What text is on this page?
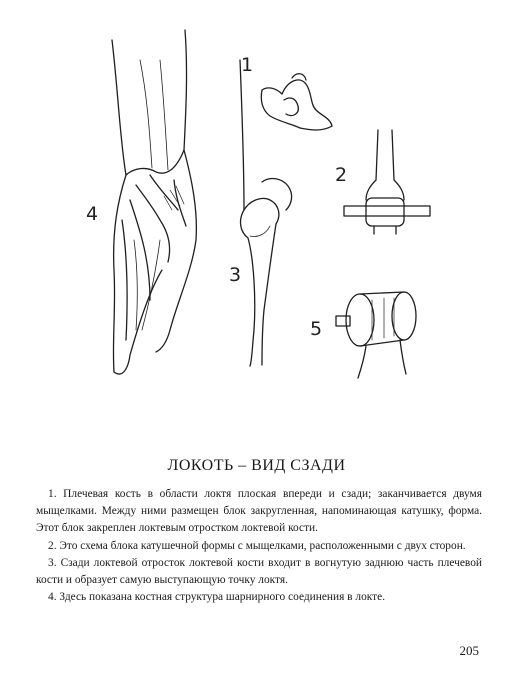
1
2
3
4
5
ЛОКОТЬ – ВИД СЗАДИ

1. Плечевая кость в области локтя плоская впереди и сзади; заканчивается двумя мыщелками. Между ними размещен блок закругленная, напоминающая катушку, форма. Этот блок закреплен локтевым отростком локтевой кости.

2. Это схема блока катушечной формы с мыщелками, расположенными с двух сторон.

3. Сзади локтевой отросток локтевой кости входит в вогнутую заднюю часть плечевой кости и образует самую выступающую точку локтя.

4. Здесь показана костная структура шарнирного соединения в локте.

205
